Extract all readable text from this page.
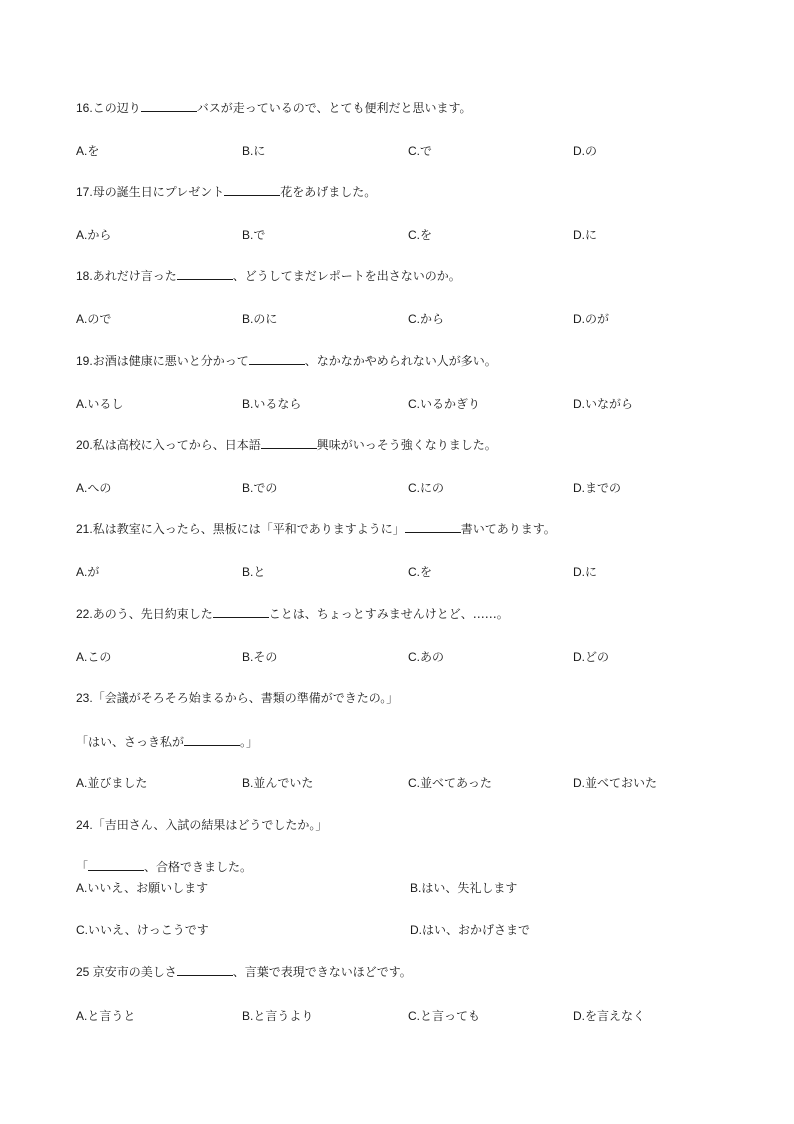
16.この辺り	バスが走っているので、とても便利だと思います。
A.を	B.に	C.で	D.の
17.母の誕生日にプレゼント	花をあげました。
A.から	B.で	C.を	D.に
18.あれだけ言った	、どうしてまだレポートを出さないのか。
A.ので	B.のに	C.から	D.のが
19.お酒は健康に悪いと分かって	、なかなかやめられない人が多い。
A.いるし	B.いるなら	C.いるかぎり	D.いながら
20.私は高校に入ってから、日本語	興味がいっそう強くなりました。
A.への	B.での	C.にの	D.までの
21.私は教室に入ったら、黒板には「平和でありますように」	書いてあります。
A.が	B.と	C.を	D.に
22.あのう、先日約束した	ことは、ちょっとすみませんけとど、……。
A.この	B.その	C.あの	D.どの
23.「会議がそろそろ始まるから、書類の準備ができたの。」
「はい、さっき私が	。」
A.並びました	B.並んでいた	C.並べてあった	D.並べておいた
24.「吉田さん、入試の結果はどうでしたか。」
「	、合格できました。
A.いいえ、お願いします	B.はい、失礼します
C.いいえ、けっこうです	D.はい、おかげさまで
25 京安市の美しさ	、言葉で表現できないほどです。
A.と言うと	B.と言うより	C.と言っても	D.を言えなく
